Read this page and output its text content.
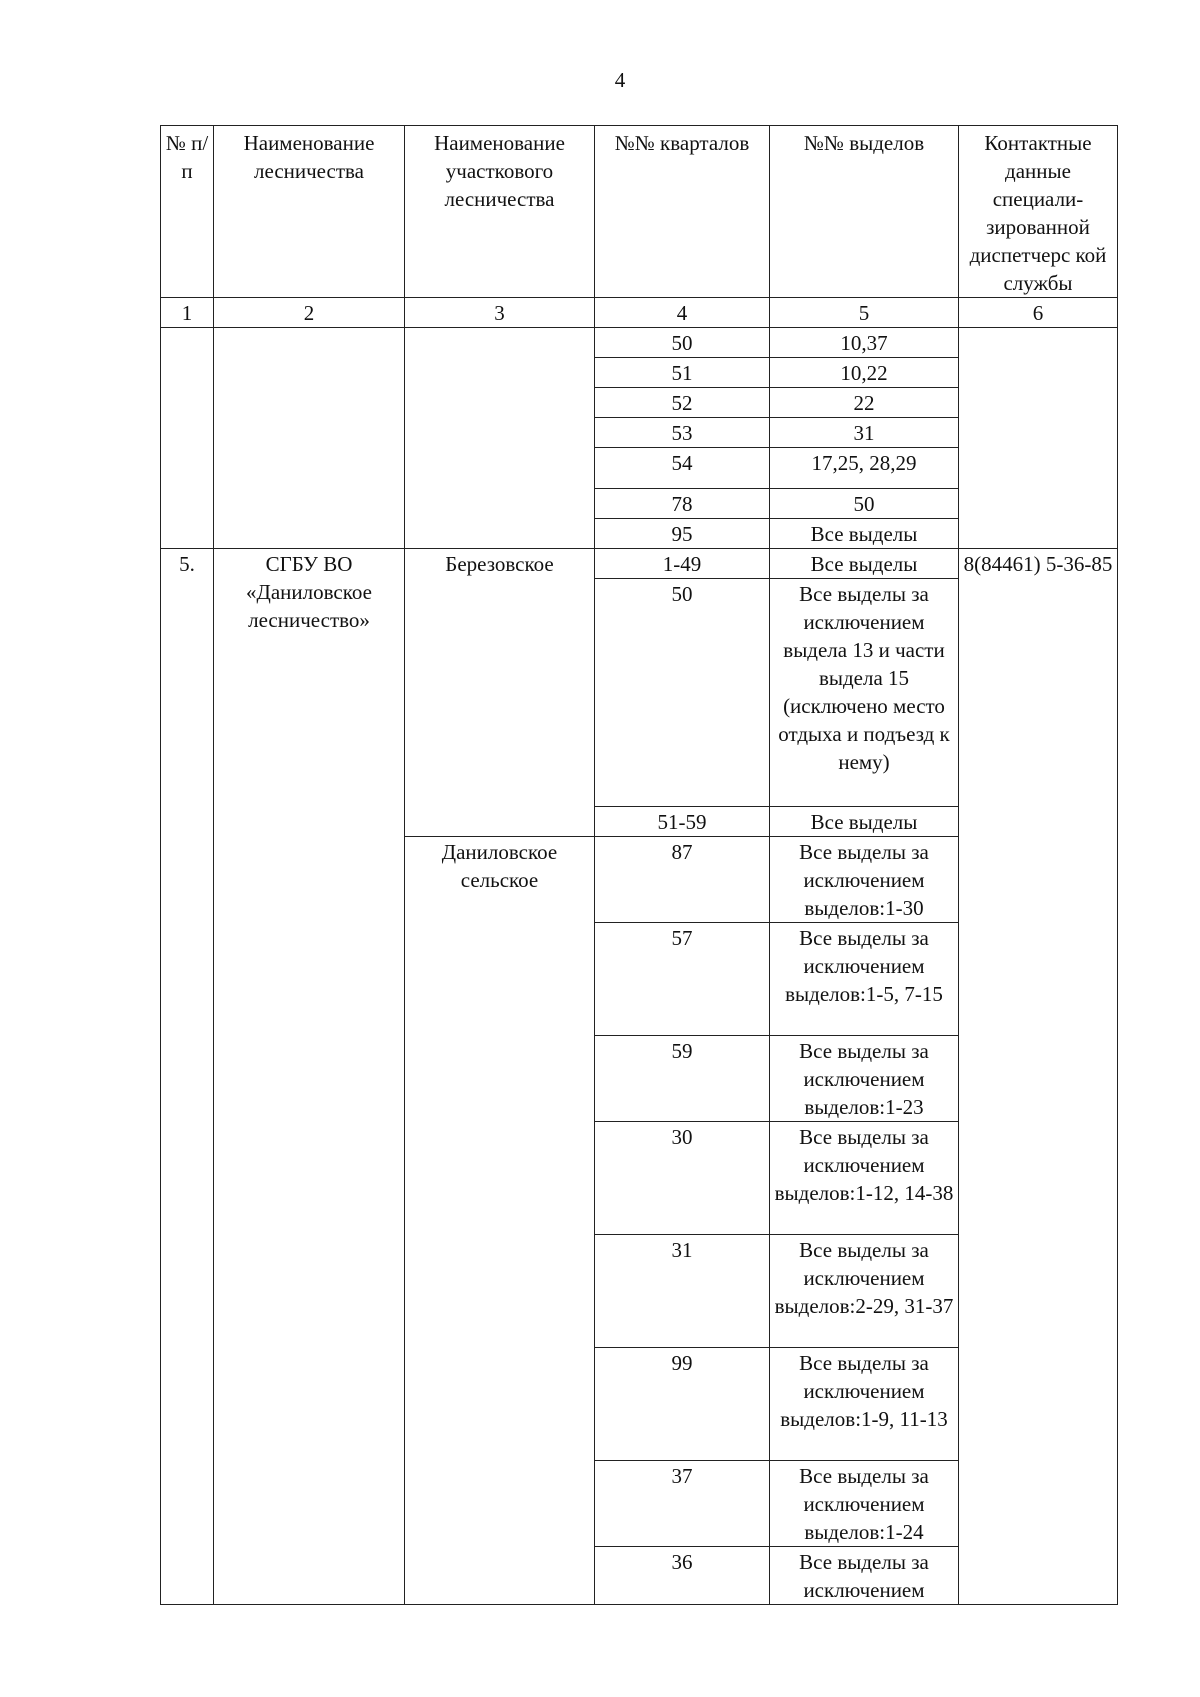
4
№ п/п	Наименование лесничества	Наименование участкового лесничества	№№ кварталов	№№ выделов	Контактные данные специали-зированной диспетчерс кой службы
1	2	3	4	5	6
			50	10,37	
			51	10,22	
			52	22	
			53	31	
			54	17,25, 28,29	
			78	50	
			95	Все выделы	
5.	СГБУ ВО «Даниловское лесничество»	Березовское	1-49	Все выделы	8(84461) 5-36-85
			50	Все выделы за исключением выдела 13 и части выдела 15 (исключено место отдыха и подъезд к нему)	
			51-59	Все выделы	
		Даниловское сельское	87	Все выделы за исключением выделов:1-30	
			57	Все выделы за исключением выделов:1-5, 7-15	
			59	Все выделы за исключением выделов:1-23	
			30	Все выделы за исключением выделов:1-12, 14-38	
			31	Все выделы за исключением выделов:2-29, 31-37	
			99	Все выделы за исключением выделов:1-9, 11-13	
			37	Все выделы за исключением выделов:1-24	
			36	Все выделы за исключением	
